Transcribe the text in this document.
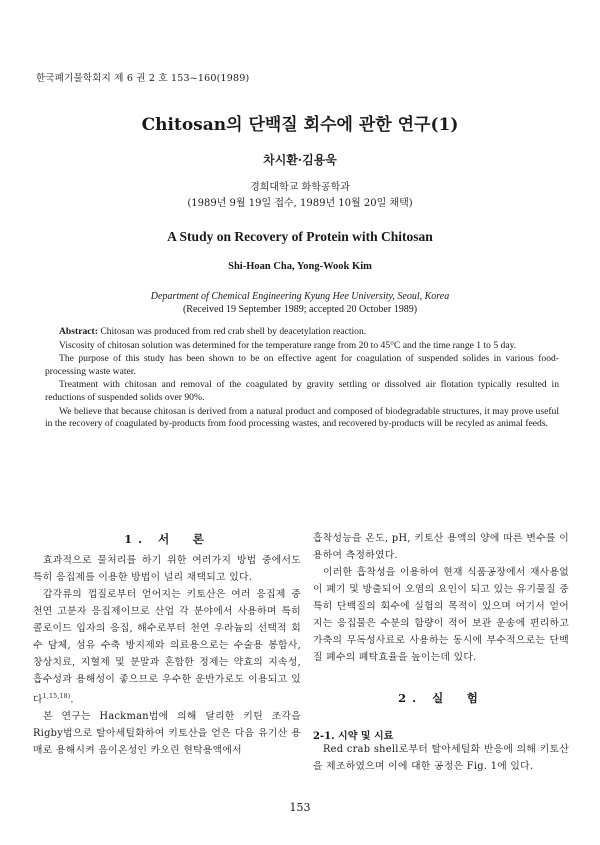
한국폐기물학회지 제 6 권 2 호 153~160(1989)
Chitosan의 단백질 회수에 관한 연구(1)
차시환·김용욱
경희대학교 화학공학과
(1989년 9월 19일 접수, 1989년 10월 20일 채택)
A Study on Recovery of Protein with Chitosan
Shi-Hoan Cha, Yong-Wook Kim
Department of Chemical Engineering Kyung Hee University, Seoul, Korea
(Received 19 September 1989; accepted 20 October 1989)

Abstract: Chitosan was produced from red crab shell by deacetylation reaction.

Viscosity of chitosan solution was determined for the temperature range from 20 to 45°C and the time range 1 to 5 day.

The purpose of this study has been shown to be on effective agent for coagulation of suspended solides in various food-processing waste water.

Treatment with chitosan and removal of the coagulated by gravity settling or dissolved air flotation typically resulted in reductions of suspended solids over 90%.

We believe that because chitosan is derived from a natural product and composed of biodegradable structures, it may prove useful in the recovery of coagulated by-products from food processing wastes, and recovered by-products will be recyled as animal feeds.

1. 서　론

효과적으로 물처리를 하기 위한 여러가지 방법 중에서도 특히 응집제를 이용한 방법이 널리 채택되고 있다.

갑각류의 껍질로부터 얻어지는 키토산은 여러 응집제 중 천연 고분자 응집제이므로 산업 각 분야에서 사용하며 특히 콜로이드 입자의 응집, 해수로부터 천연 우라늄의 선택적 회수 담체, 섬유 수축 방지제와 의료용으로는 수술용 봉합사, 창상치료, 지혈제 및 분말과 혼합한 정제는 약효의 지속성, 흡수성과 용해성이 좋으므로 우수한 운반가로도 이용되고 있다$^{1,15,18)}$.

본 연구는 Hackman법에 의해 달리한 키틴 조각을 Rigby법으로 탈아세틸화하여 키토산을 얻은 다음 유기산 용매로 용해시켜 음이온성인 카오린 현탁용액에서

흡착성능을 온도, pH, 키토산 용액의 양에 따른 변수를 이용하여 측정하였다.

이러한 흡착성을 이용하여 현재 식품공장에서 재사용없이 폐기 및 방출되어 오염의 요인이 되고 있는 유기물질 중 특히 단백질의 회수에 실험의 목적이 있으며 여기서 얻어지는 응집물은 수분의 함량이 적어 보관 운송에 편리하고 가축의 무독성사료로 사용하는 동시에 부수적으로는 단백질 폐수의 폐탁효율을 높이는데 있다.

2. 실　험
2-1. 시약 및 시료

Red crab shell로부터 탈아세틸화 반응에 의해 키토산을 제조하였으며 이에 대한 공정은 Fig. 1에 있다.

153
